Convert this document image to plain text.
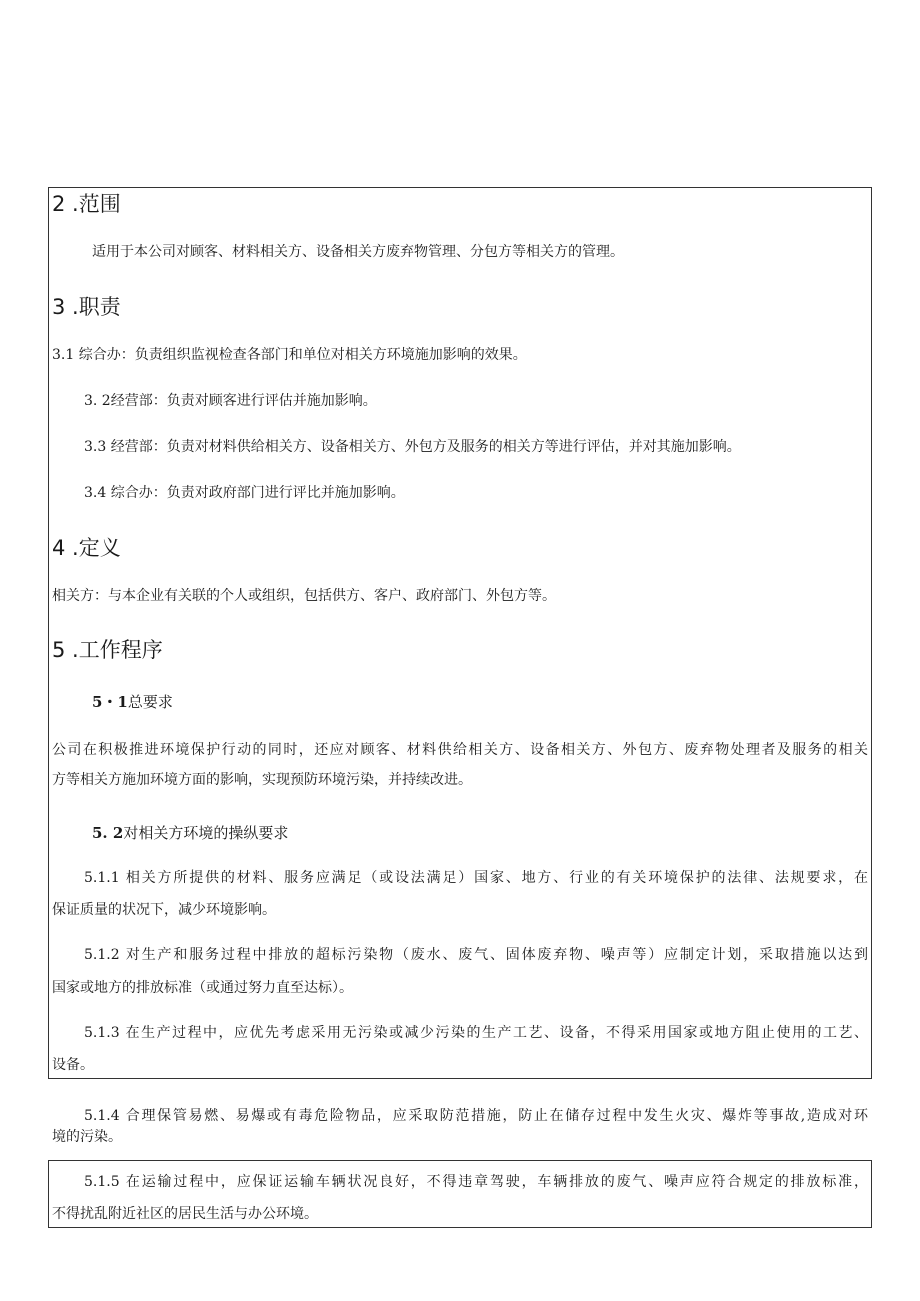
2 .范围
适用于本公司对顾客、材料相关方、设备相关方废弃物管理、分包方等相关方的管理。
3 .职责
3.1 综合办：负责组织监视检查各部门和单位对相关方环境施加影响的效果。
3. 2经营部：负责对顾客进行评估并施加影响。
3.3 经营部：负责对材料供给相关方、设备相关方、外包方及服务的相关方等进行评估，并对其施加影响。
3.4 综合办：负责对政府部门进行评比并施加影响。
4 .定义
相关方：与本企业有关联的个人或组织，包括供方、客户、政府部门、外包方等。
5 .工作程序
5・1总要求
公司在积极推进环境保护行动的同时，还应对顾客、材料供给相关方、设备相关方、外包方、废弃物处理者及服务的相关
方等相关方施加环境方面的影响，实现预防环境污染，并持续改进。
5. 2对相关方环境的操纵要求
5.1.1 相关方所提供的材料、服务应满足（或设法满足）国家、地方、行业的有关环境保护的法律、法规要求，在
保证质量的状况下，减少环境影响。
5.1.2 对生产和服务过程中排放的超标污染物（废水、废气、固体废弃物、噪声等）应制定计划，采取措施以达到
国家或地方的排放标准（或通过努力直至达标）。
5.1.3 在生产过程中，应优先考虑采用无污染或减少污染的生产工艺、设备，不得采用国家或地方阻止使用的工艺、
设备。
5.1.4 合理保管易燃、易爆或有毒危险物品，应采取防范措施，防止在储存过程中发生火灾、爆炸等事故,造成对环
境的污染。
5.1.5 在运输过程中，应保证运输车辆状况良好，不得违章驾驶，车辆排放的废气、噪声应符合规定的排放标准，
不得扰乱附近社区的居民生活与办公环境。
